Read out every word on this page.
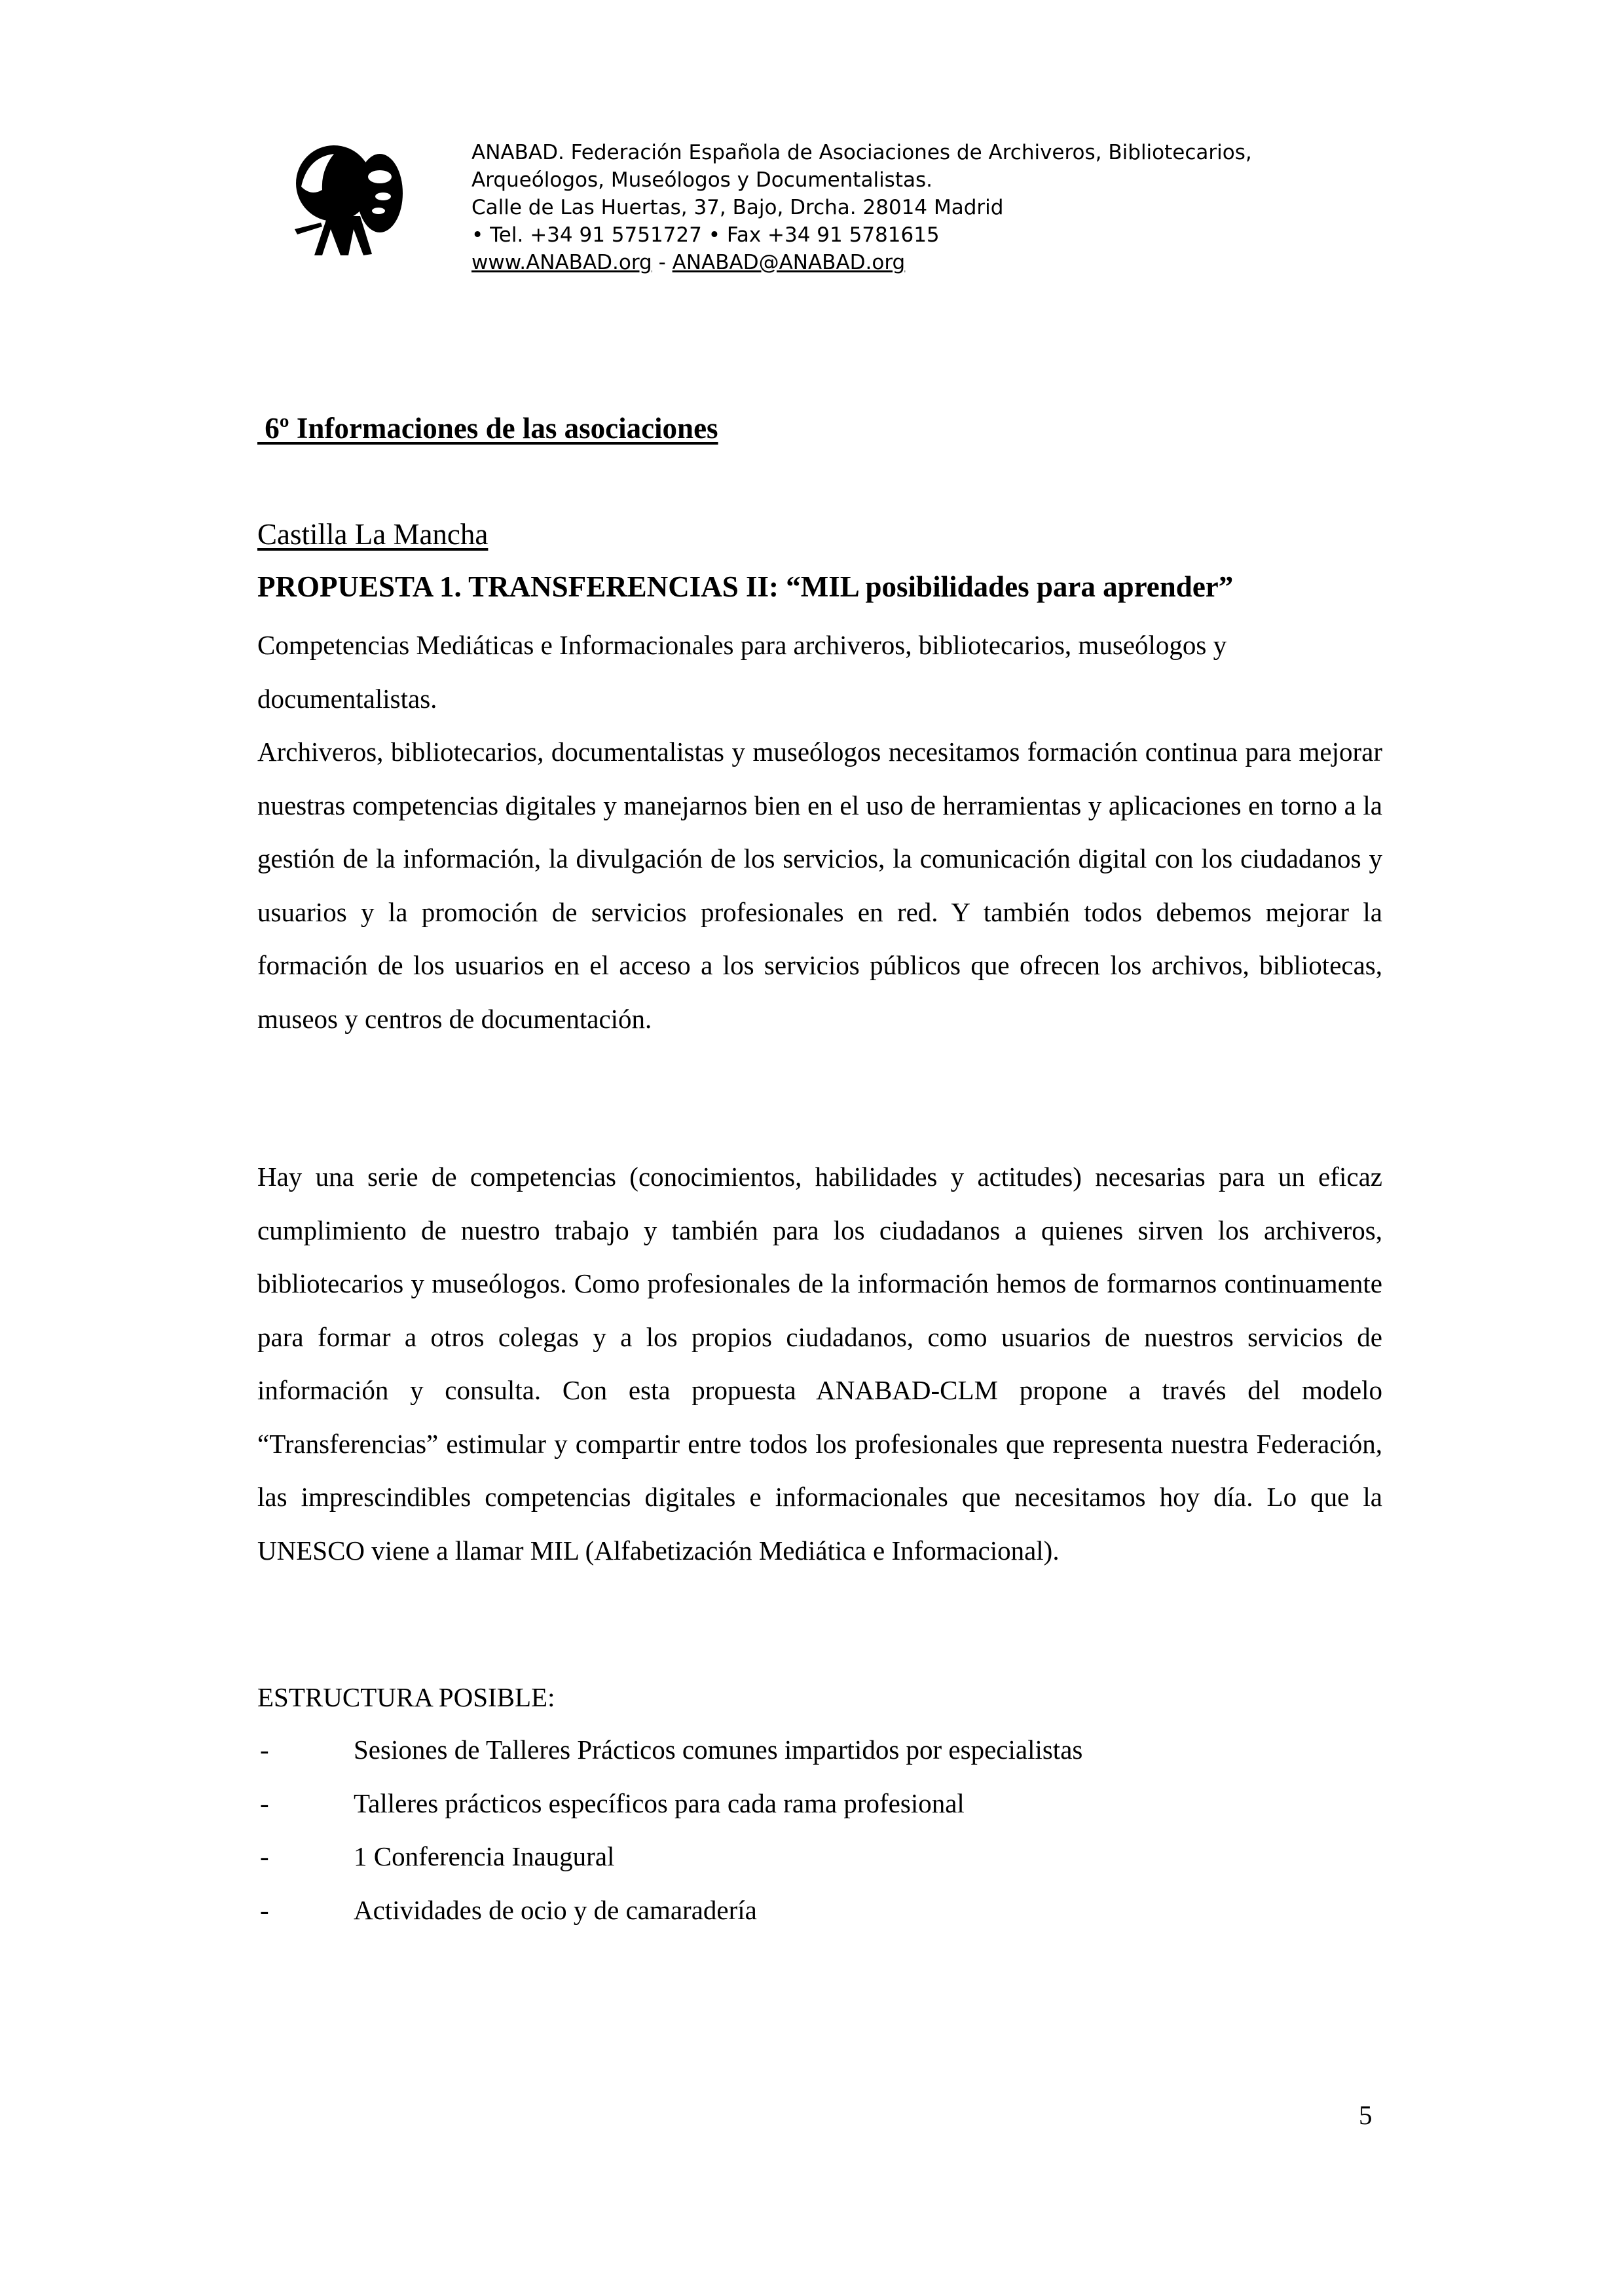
ANABAD. Federación Española de Asociaciones de Archiveros, Bibliotecarios,
Arqueólogos, Museólogos y Documentalistas.
Calle de Las Huertas, 37, Bajo, Drcha. 28014 Madrid
• Tel. +34 91 5751727 • Fax +34 91 5781615
www.ANABAD.org - ANABAD@ANABAD.org
6º Informaciones de las asociaciones
Castilla La Mancha
PROPUESTA 1. TRANSFERENCIAS II: “MIL posibilidades para aprender”
Competencias Mediáticas e Informacionales para archiveros, bibliotecarios, museólogos y documentalistas.
Archiveros, bibliotecarios, documentalistas y museólogos necesitamos formación continua para mejorar nuestras competencias digitales y manejarnos bien en el uso de herramientas y aplicaciones en torno a la gestión de la información, la divulgación de los servicios, la comunicación digital con los ciudadanos y usuarios y la promoción de servicios profesionales en red. Y también todos debemos mejorar la formación de los usuarios en el acceso a los servicios públicos que ofrecen los archivos, bibliotecas, museos y centros de documentación.
Hay una serie de competencias (conocimientos, habilidades y actitudes) necesarias para un eficaz cumplimiento de nuestro trabajo y también para los ciudadanos a quienes sirven los archiveros, bibliotecarios y museólogos. Como profesionales de la información hemos de formarnos continuamente para formar a otros colegas y a los propios ciudadanos, como usuarios de nuestros servicios de información y consulta. Con esta propuesta ANABAD-CLM propone a través del modelo “Transferencias” estimular y compartir entre todos los profesionales que representa nuestra Federación, las imprescindibles competencias digitales e informacionales que necesitamos hoy día. Lo que la UNESCO viene a llamar MIL (Alfabetización Mediática e Informacional).
ESTRUCTURA POSIBLE:
-	Sesiones de Talleres Prácticos comunes impartidos por especialistas
-	Talleres prácticos específicos para cada rama profesional
-	1 Conferencia Inaugural
-	Actividades de ocio y de camaradería
5
